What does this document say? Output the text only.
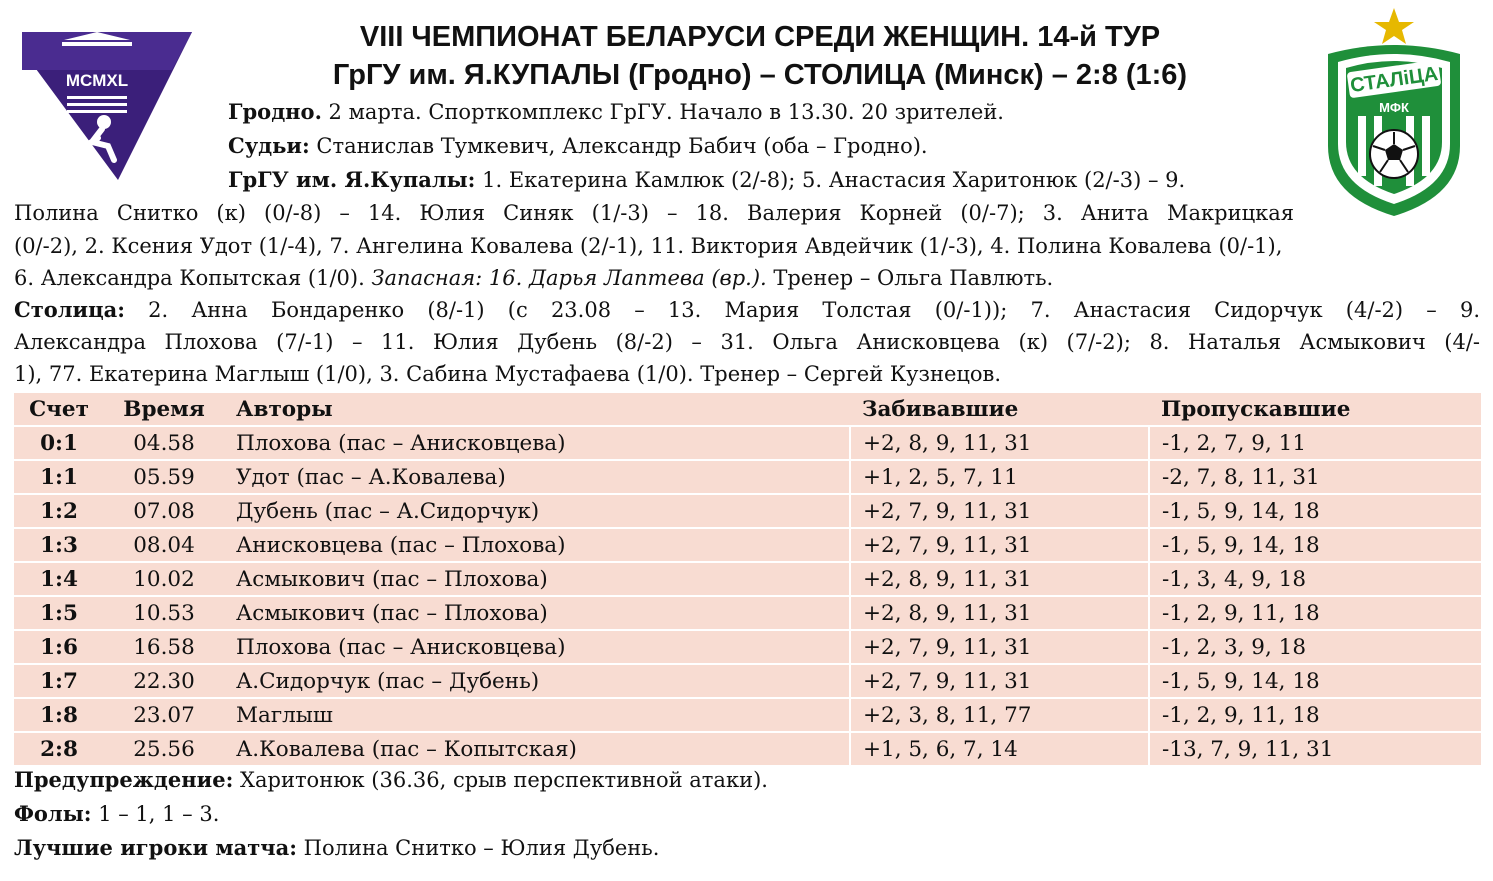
MCMXL	СТАЛіЦА
МФК
VIII ЧЕМПИОНАТ БЕЛАРУСИ СРЕДИ ЖЕНЩИН. 14-й ТУР
ГрГУ им. Я.КУПАЛЫ (Гродно) – СТОЛИЦА (Минск) – 2:8 (1:6)
Гродно. 2 марта. Спорткомплекс ГрГУ. Начало в 13.30. 20 зрителей.
Судьи: Станислав Тумкевич, Александр Бабич (оба – Гродно).
ГрГУ им. Я.Купалы: 1. Екатерина Камлюк (2/-8); 5. Анастасия Харитонюк (2/-3) – 9.
Полина Снитко (к) (0/-8) – 14. Юлия Синяк (1/-3) – 18. Валерия Корней (0/-7); 3. Анита Макрицкая
(0/-2), 2. Ксения Удот (1/-4), 7. Ангелина Ковалева (2/-1), 11. Виктория Авдейчик (1/-3), 4. Полина Ковалева (0/-1),
6. Александра Копытская (1/0). Запасная: 16. Дарья Лаптева (вр.). Тренер – Ольга Павлють.
Столица: 2. Анна Бондаренко (8/-1) (с 23.08 – 13. Мария Толстая (0/-1)); 7. Анастасия Сидорчук (4/-2) – 9.
Александра Плохова (7/-1) – 11. Юлия Дубень (8/-2) – 31. Ольга Анисковцева (к) (7/-2); 8. Наталья Асмыкович (4/-
1), 77. Екатерина Маглыш (1/0), 3. Сабина Мустафаева (1/0). Тренер – Сергей Кузнецов.
Счет	Время	Авторы	Забивавшие	Пропускавшие
0:1	04.58	Плохова (пас – Анисковцева)	+2, 8, 9, 11, 31	-1, 2, 7, 9, 11
1:1	05.59	Удот (пас – А.Ковалева)	+1, 2, 5, 7, 11	-2, 7, 8, 11, 31
1:2	07.08	Дубень (пас – А.Сидорчук)	+2, 7, 9, 11, 31	-1, 5, 9, 14, 18
1:3	08.04	Анисковцева (пас – Плохова)	+2, 7, 9, 11, 31	-1, 5, 9, 14, 18
1:4	10.02	Асмыкович (пас – Плохова)	+2, 8, 9, 11, 31	-1, 3, 4, 9, 18
1:5	10.53	Асмыкович (пас – Плохова)	+2, 8, 9, 11, 31	-1, 2, 9, 11, 18
1:6	16.58	Плохова (пас – Анисковцева)	+2, 7, 9, 11, 31	-1, 2, 3, 9, 18
1:7	22.30	А.Сидорчук (пас – Дубень)	+2, 7, 9, 11, 31	-1, 5, 9, 14, 18
1:8	23.07	Маглыш	+2, 3, 8, 11, 77	-1, 2, 9, 11, 18
2:8	25.56	А.Ковалева (пас – Копытская)	+1, 5, 6, 7, 14	-13, 7, 9, 11, 31
Предупреждение: Харитонюк (36.36, срыв перспективной атаки).
Фолы: 1 – 1, 1 – 3.
Лучшие игроки матча: Полина Снитко – Юлия Дубень.
